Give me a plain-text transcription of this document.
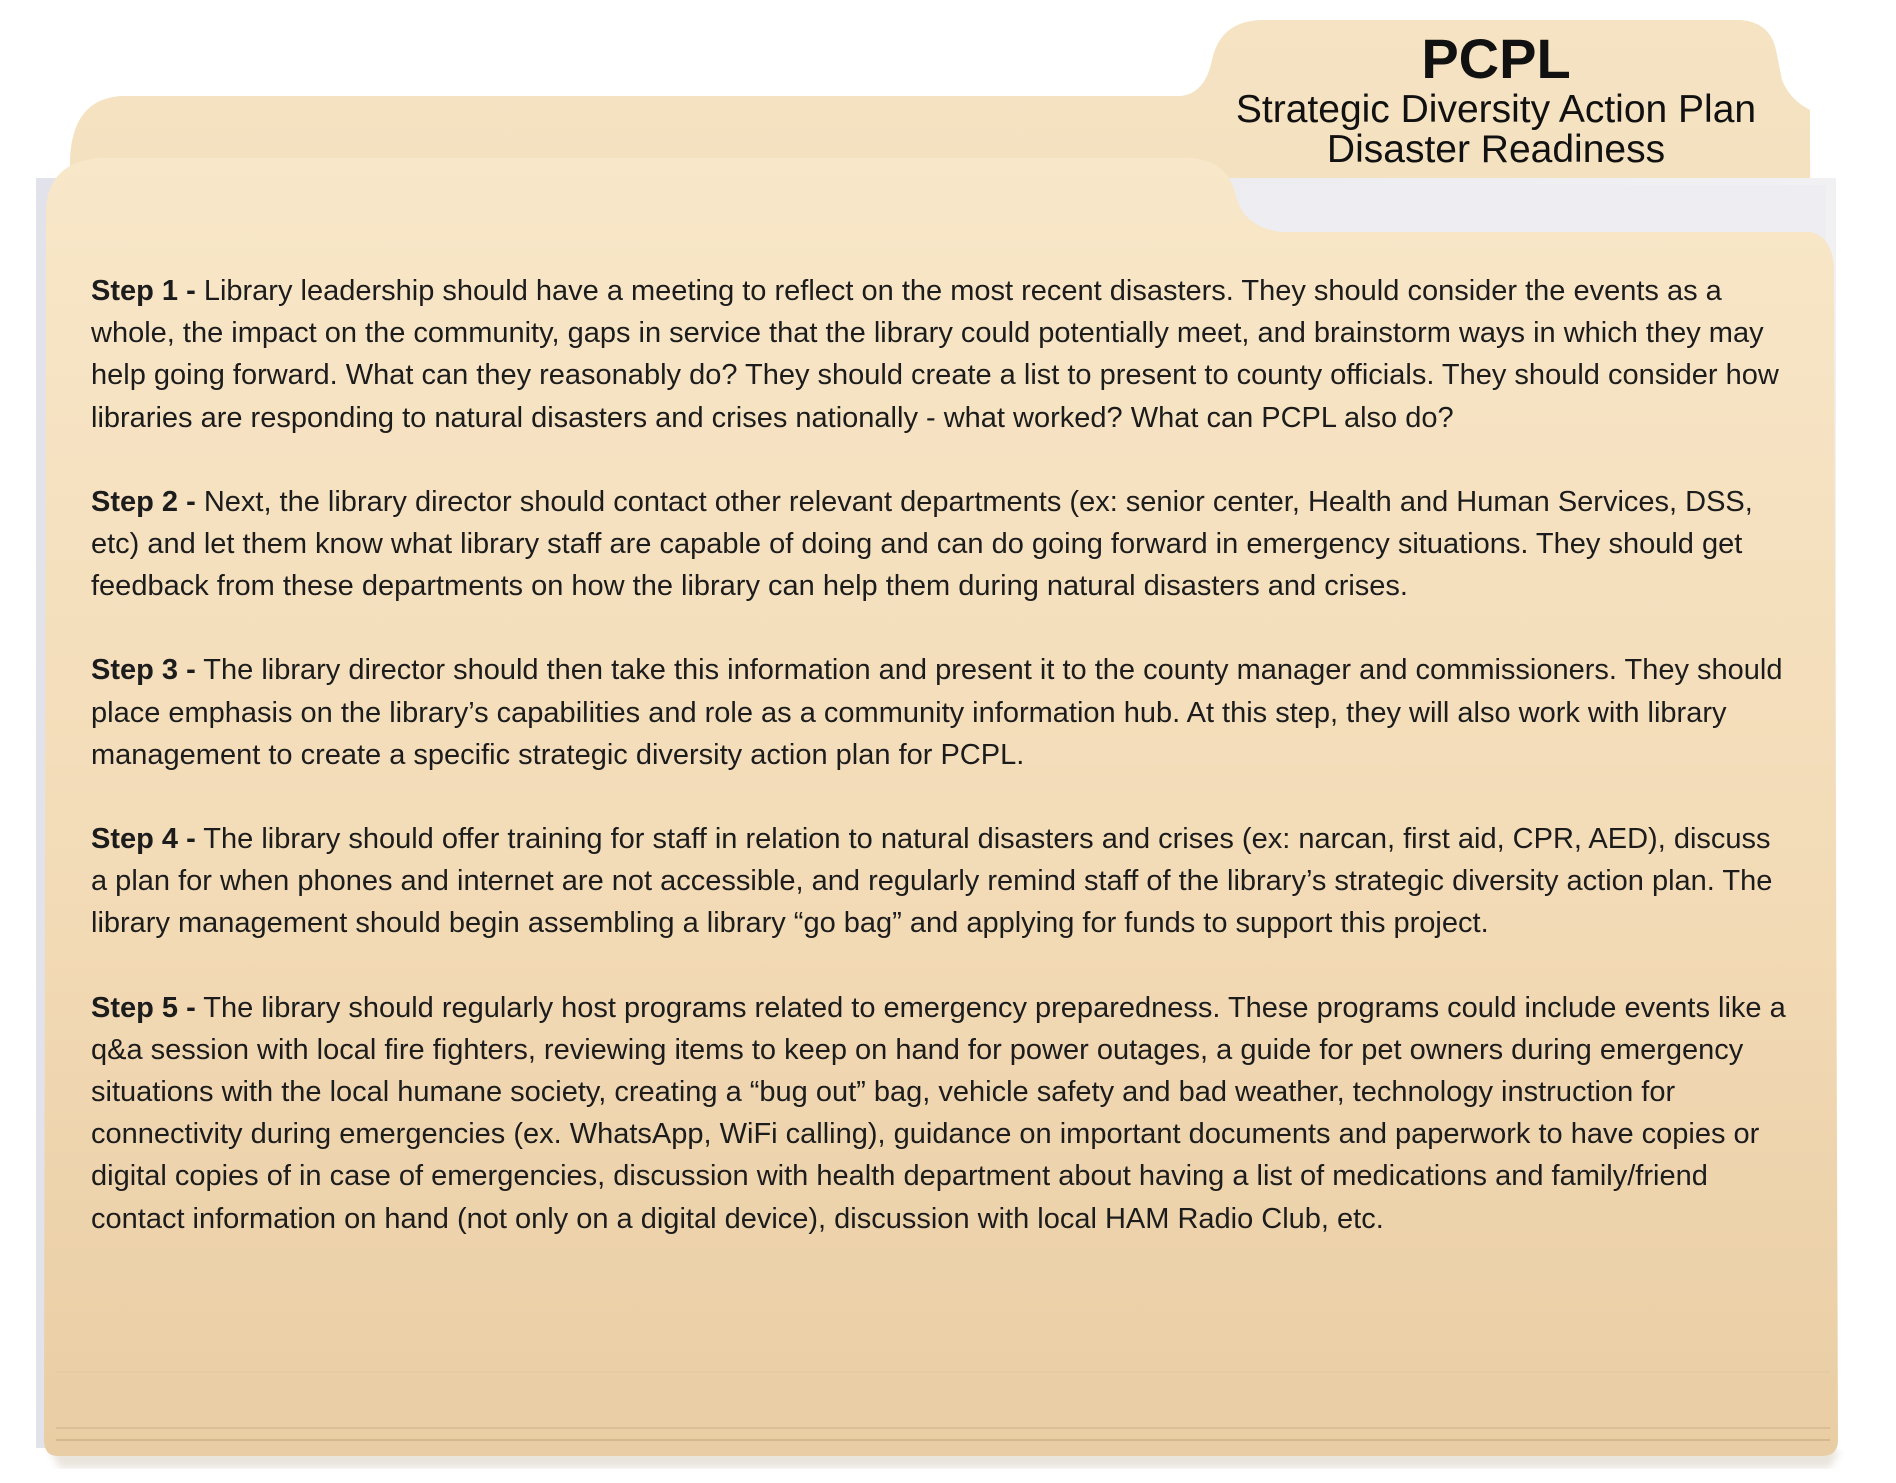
PCPL
Strategic Diversity Action Plan
Disaster Readiness

Step 1 - Library leadership should have a meeting to reflect on the most recent disasters. They should consider the events as a whole, the impact on the community, gaps in service that the library could potentially meet, and brainstorm ways in which they may help going forward. What can they reasonably do? They should create a list to present to county officials. They should consider how libraries are responding to natural disasters and crises nationally - what worked? What can PCPL also do?

Step 2 - Next, the library director should contact other relevant departments (ex: senior center, Health and Human Services, DSS, etc) and let them know what library staff are capable of doing and can do going forward in emergency situations. They should get feedback from these departments on how the library can help them during natural disasters and crises.

Step 3 - The library director should then take this information and present it to the county manager and commissioners. They should place emphasis on the library’s capabilities and role as a community information hub. At this step, they will also work with library management to create a specific strategic diversity action plan for PCPL.

Step 4 - The library should offer training for staff in relation to natural disasters and crises (ex: narcan, first aid, CPR, AED), discuss a plan for when phones and internet are not accessible, and regularly remind staff of the library’s strategic diversity action plan. The library management should begin assembling a library “go bag” and applying for funds to support this project.

Step 5 - The library should regularly host programs related to emergency preparedness. These programs could include events like a q&a session with local fire fighters, reviewing items to keep on hand for power outages, a guide for pet owners during emergency situations with the local humane society, creating a “bug out” bag, vehicle safety and bad weather, technology instruction for connectivity during emergencies (ex. WhatsApp, WiFi calling), guidance on important documents and paperwork to have copies or digital copies of in case of emergencies, discussion with health department about having a list of medications and family/friend contact information on hand (not only on a digital device), discussion with local HAM Radio Club, etc.
